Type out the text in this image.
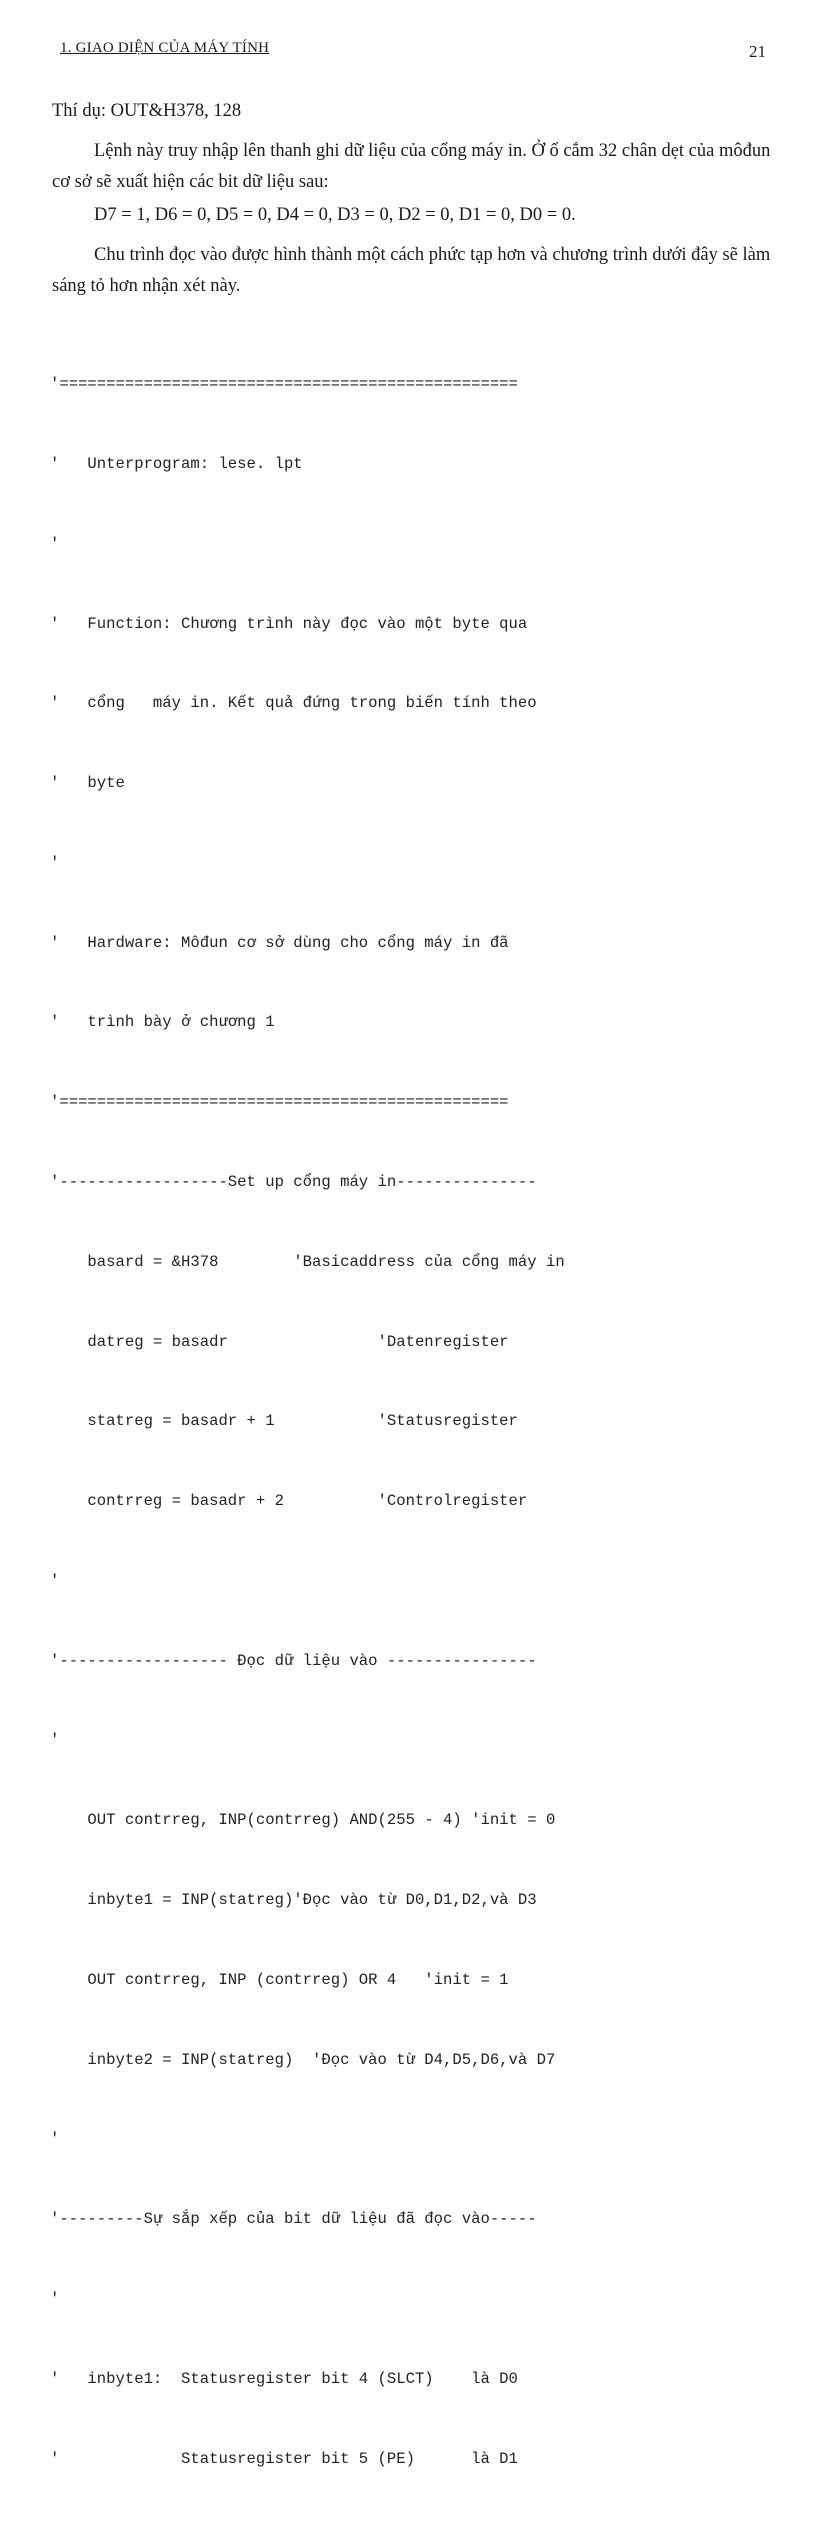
1. GIAO DIỆN CỦA MÁY TÍNH	21

Thí dụ: OUT&H378, 128

Lệnh này truy nhập lên thanh ghi dữ liệu của cổng máy in. Ở ổ cắm 32 chân dẹt của môđun cơ sở sẽ xuất hiện các bit dữ liệu sau:

D7 = 1, D6 = 0, D5 = 0, D4 = 0, D3 = 0, D2 = 0, D1 = 0, D0 = 0.

Chu trình đọc vào được hình thành một cách phức tạp hơn và chương trình dưới đây sẽ làm sáng tỏ hơn nhận xét này.

'=================================================

'   Unterprogram: lese. lpt

'

'   Function: Chương trình này đọc vào một byte qua

'   cổng   máy in. Kết quả đứng trong biến tính theo

'   byte

'

'   Hardware: Môđun cơ sở dùng cho cổng máy in đã

'   trình bày ở chương 1

'================================================

'------------------Set up cổng máy in---------------

basard = &H378        'Basicaddress của cổng máy in

datreg = basadr                'Datenregister

statreg = basadr + 1           'Statusregister

contrreg = basadr + 2          'Controlregister

'

'------------------ Đọc dữ liệu vào ----------------

'

OUT contrreg, INP(contrreg) AND(255 - 4) 'init = 0

inbyte1 = INP(statreg)'Đọc vào từ D0,D1,D2,và D3

OUT contrreg, INP (contrreg) OR 4   'init = 1

inbyte2 = INP(statreg)  'Đọc vào từ D4,D5,D6,và D7

'

'---------Sự sắp xếp của bit dữ liệu đã đọc vào-----

'

'   inbyte1:  Statusregister bit 4 (SLCT)    là D0

'             Statusregister bit 5 (PE)      là D1
